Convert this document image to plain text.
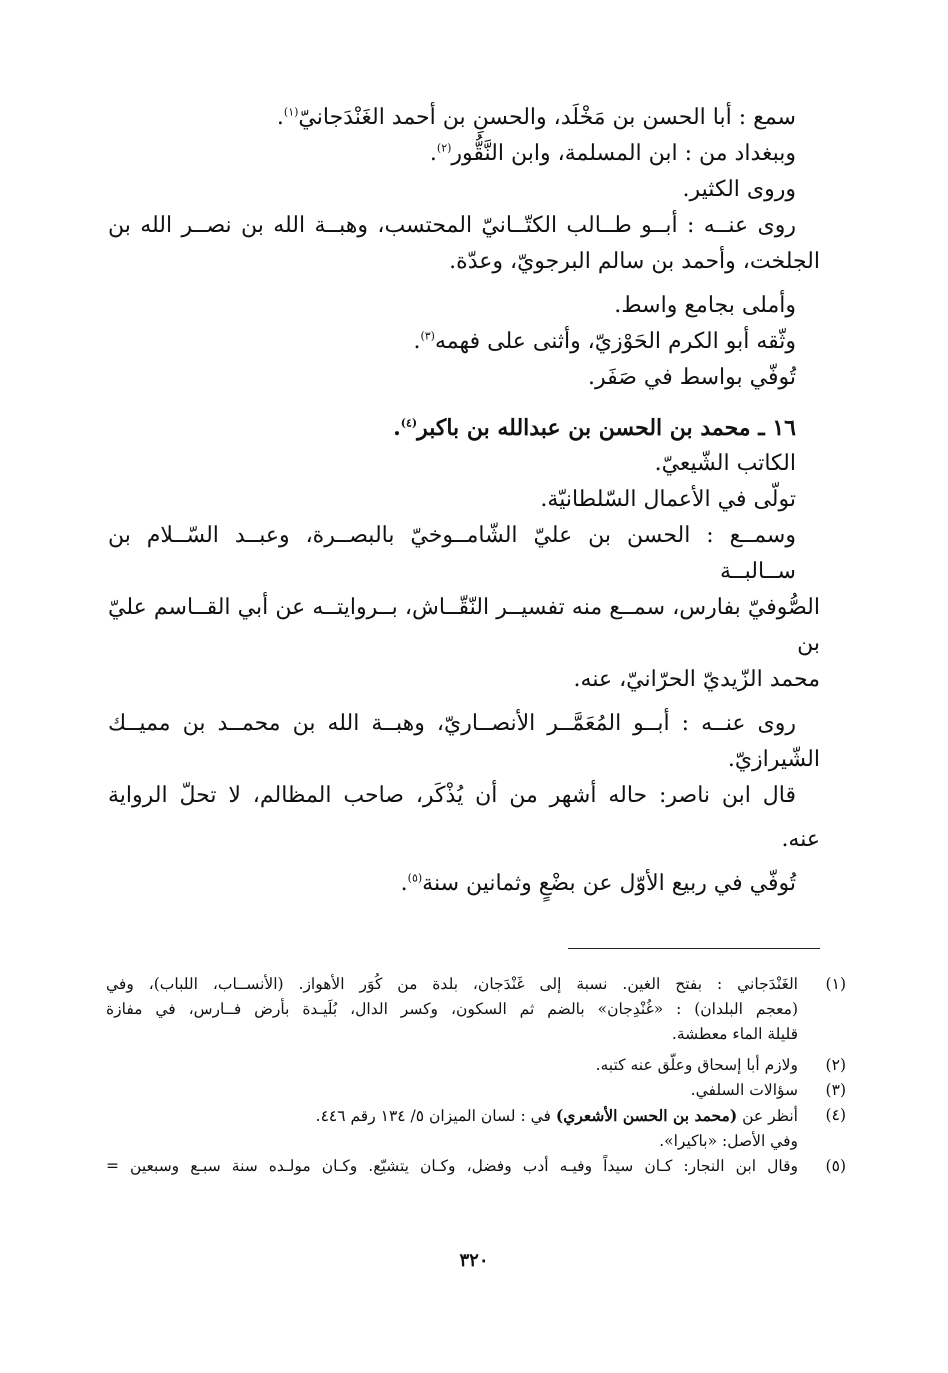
سمع : أبا الحسن بن مَخْلَد، والحسنِ بن أحمد الغَنْدَجانيّ$^{(١)}$.
وببغداد من : ابن المسلمة، وابن النَّقُّور$^{(٢)}$.
وروى الكثير.
روى عنــه : أبــو طــالب الكتّــانيّ المحتسب، وهبــة الله بن نصــر الله بن
الجلخت، وأحمد بن سالم البرجويّ، وعدّة.
وأملى بجامع واسط.
وثّقه أبو الكرم الحَوْزيّ، وأثنى على فهمه$^{(٣)}$.
تُوفّي بواسط في صَفَر.
١٦ ـ محمد بن الحسن بن عبدالله بن باكبر$^{(٤)}$.
الكاتب الشّيعيّ.
تولّى في الأعمال السّلطانيّة.
وسمــع : الحسن بن عليّ الشّامــوخيّ بالبصــرة، وعبــد السّــلام بن ســالبــة
الصُّوفيّ بفارس، سمــع منه تفسيــر النّقّــاش، بــروايتــه عن أبي القــاسم عليّ بن
محمد الزّيديّ الحرّانيّ، عنه.
روى عنــه : أبــو المُعَمَّــر الأنصــاريّ، وهبــة الله بن محمــد بن مميــك
الشّيرازيّ.
قال ابن ناصر: حاله أشهر من أن يُذْكَر، صاحب المظالم، لا تحلّ الرواية
عنه.
تُوفّي في ربيع الأوّل عن بضْعٍ وثمانين سنة$^{(٥)}$.
(١)
الغَنْدَجاني : بفتح الغين. نسبة إلى غَنْدَجان، بلدة من كُوَر الأهواز. (الأنســاب، اللباب)، وفي
(معجم البلدان) : «غُنْدِجان» بالضم ثم السكون، وكسر الدال، بُلَيـدة بأرض فــارس، في مفازة
قليلة الماء معطشة.
(٢)
ولازم أبا إسحاق وعلّق عنه كتبه.
(٣)
سؤالات السلفي.
(٤)
أنظر عن (محمد بن الحسن الأشعري) في : لسان الميزان ٥/ ١٣٤ رقم ٤٤٦.
وفي الأصل: «باكيرا».
(٥)
وقال ابن النجار: كـان سيداً وفيـه أدب وفضل، وكـان يتشيّع. وكـان مولـده سنة سبـع وسبعين =
٣٢٠
